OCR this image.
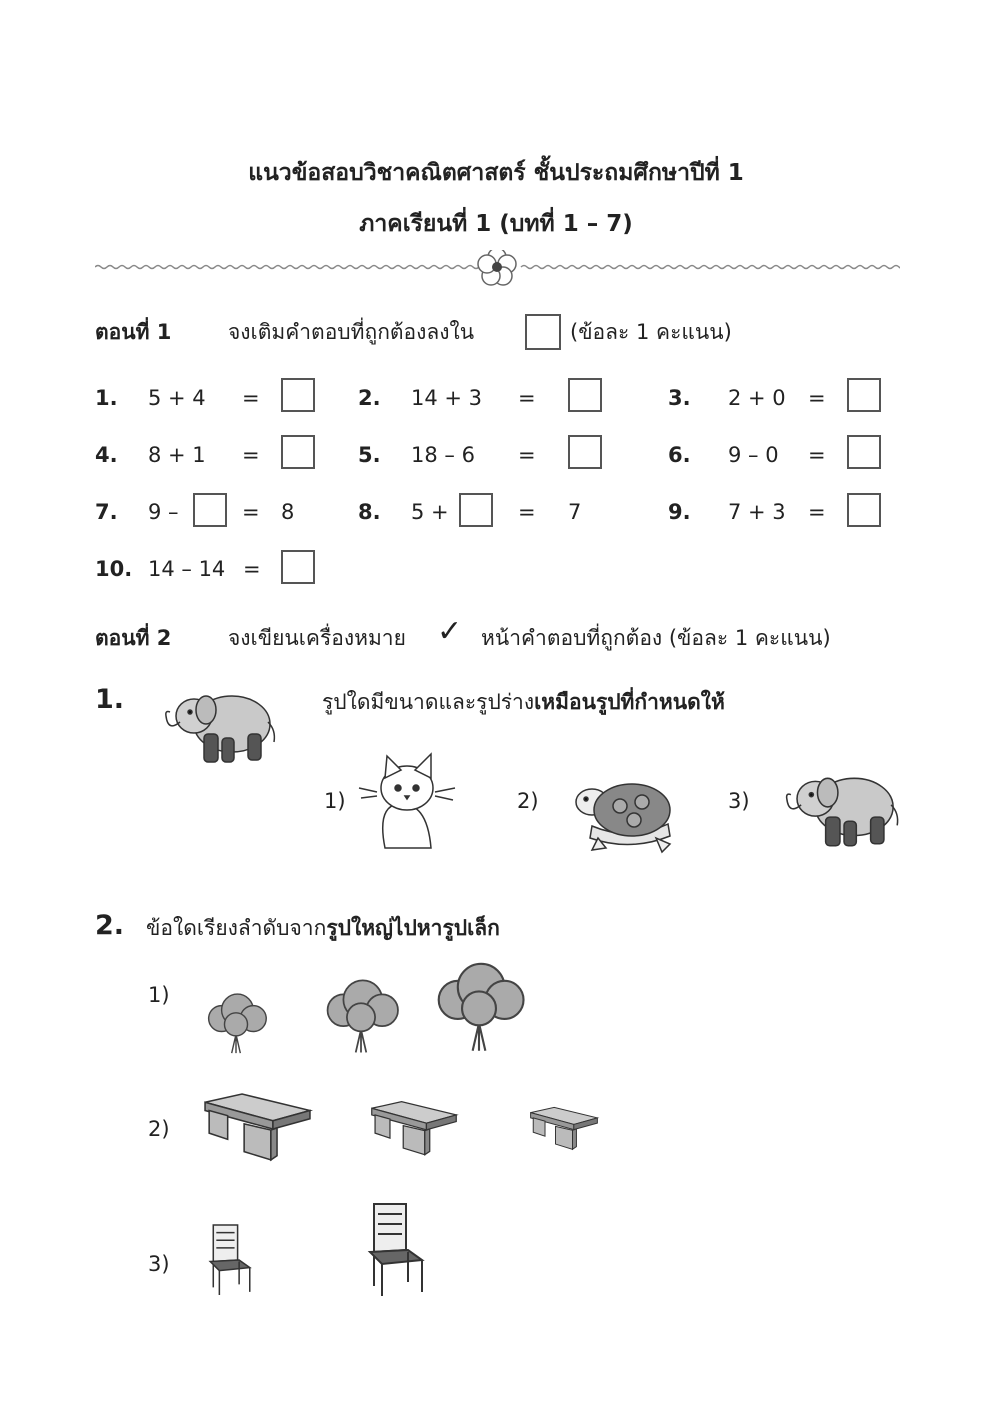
แนวข้อสอบวิชาคณิตศาสตร์ ชั้นประถมศึกษาปีที่ 1
ภาคเรียนที่ 1 (บทที่ 1 – 7)
ตอนที่ 1	จงเติมคำตอบที่ถูกต้องลงใน	(ข้อละ 1 คะแนน)
1. 5 + 4 =	2. 14 + 3 =	3. 2 + 0 =
4. 8 + 1 =	5. 18 – 6 =	6. 9 – 0 =
7. 9 –	= 8	8. 5 +	= 7	9. 7 + 3 =
10. 14 – 14 =
ตอนที่ 2	จงเขียนเครื่องหมาย ✓ หน้าคำตอบที่ถูกต้อง (ข้อละ 1 คะแนน)
1.	รูปใดมีขนาดและรูปร่างเหมือนรูปที่กำหนดให้
1)	2)	3)
2. ข้อใดเรียงลำดับจากรูปใหญ่ไปหารูปเล็ก
1)
2)
3)
